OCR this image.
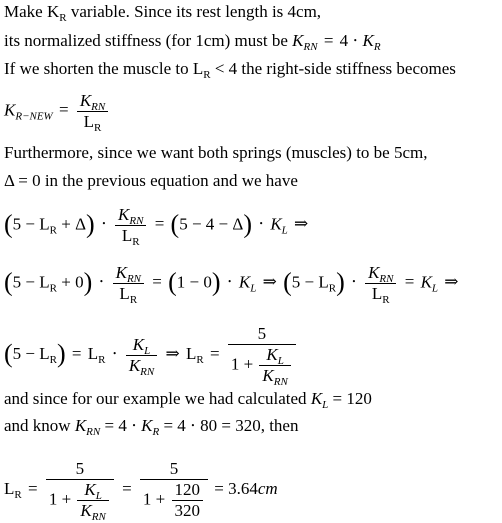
Make $K_R$ variable. Since its rest length is 4cm,
its normalized stiffness (for 1cm) must be $K_{RN} = 4 \cdot K_R$
If we shorten the muscle to $L_R < 4$ the right-side stiffness becomes
$K_{R-NEW} = \frac{K_{RN}}{L_R}$
Furthermore, since we want both springs (muscles) to be 5cm,
Δ = 0 in the previous equation and we have
$(5 - L_R + \Delta) \cdot \frac{K_{RN}}{L_R} = (5 - 4 - \Delta) \cdot K_L$ ⇒
$(5 - L_R + 0) \cdot \frac{K_{RN}}{L_R} = (1 - 0) \cdot K_L$ ⇒ $(5 - L_R) \cdot \frac{K_{RN}}{L_R} = K_L$ ⇒
$(5 - L_R) = L_R \cdot \frac{K_L}{K_{RN}}$ ⇒ $L_R = \frac{5}{1 + \frac{K_L}{K_{RN}}}$
and since for our example we had calculated $K_L = 120$
and know $K_{RN} = 4 \cdot K_R = 4 \cdot 80 = 320$, then
$L_R = \frac{5}{1 + \frac{K_L}{K_{RN}}} = \frac{5}{1 + \frac{120}{320}} = 3.64cm$
